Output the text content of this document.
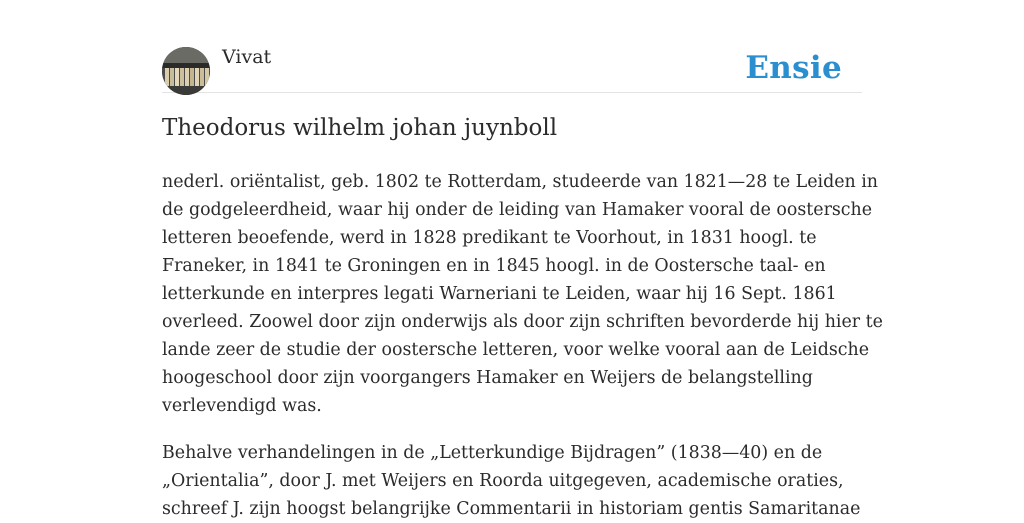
Vivat	Ensie
Theodorus wilhelm johan juynboll

nederl. oriëntalist, geb. 1802 te Rotterdam, studeerde van 1821—28 te Leiden in
de godgeleerdheid, waar hij onder de leiding van Hamaker vooral de oostersche
letteren beoefende, werd in 1828 predikant te Voorhout, in 1831 hoogl. te
Franeker, in 1841 te Groningen en in 1845 hoogl. in de Oostersche taal- en
letterkunde en interpres legati Warneriani te Leiden, waar hij 16 Sept. 1861
overleed. Zoowel door zijn onderwijs als door zijn schriften bevorderde hij hier te
lande zeer de studie der oostersche letteren, voor welke vooral aan de Leidsche
hoogeschool door zijn voorgangers Hamaker en Weijers de belangstelling
verlevendigd was.

Behalve verhandelingen in de „Letterkundige Bijdragen” (1838—40) en de
„Orientalia”, door J. met Weijers en Roorda uitgegeven, academische oraties,
schreef J. zijn hoogst belangrijke Commentarii in historiam gentis Samaritanae
